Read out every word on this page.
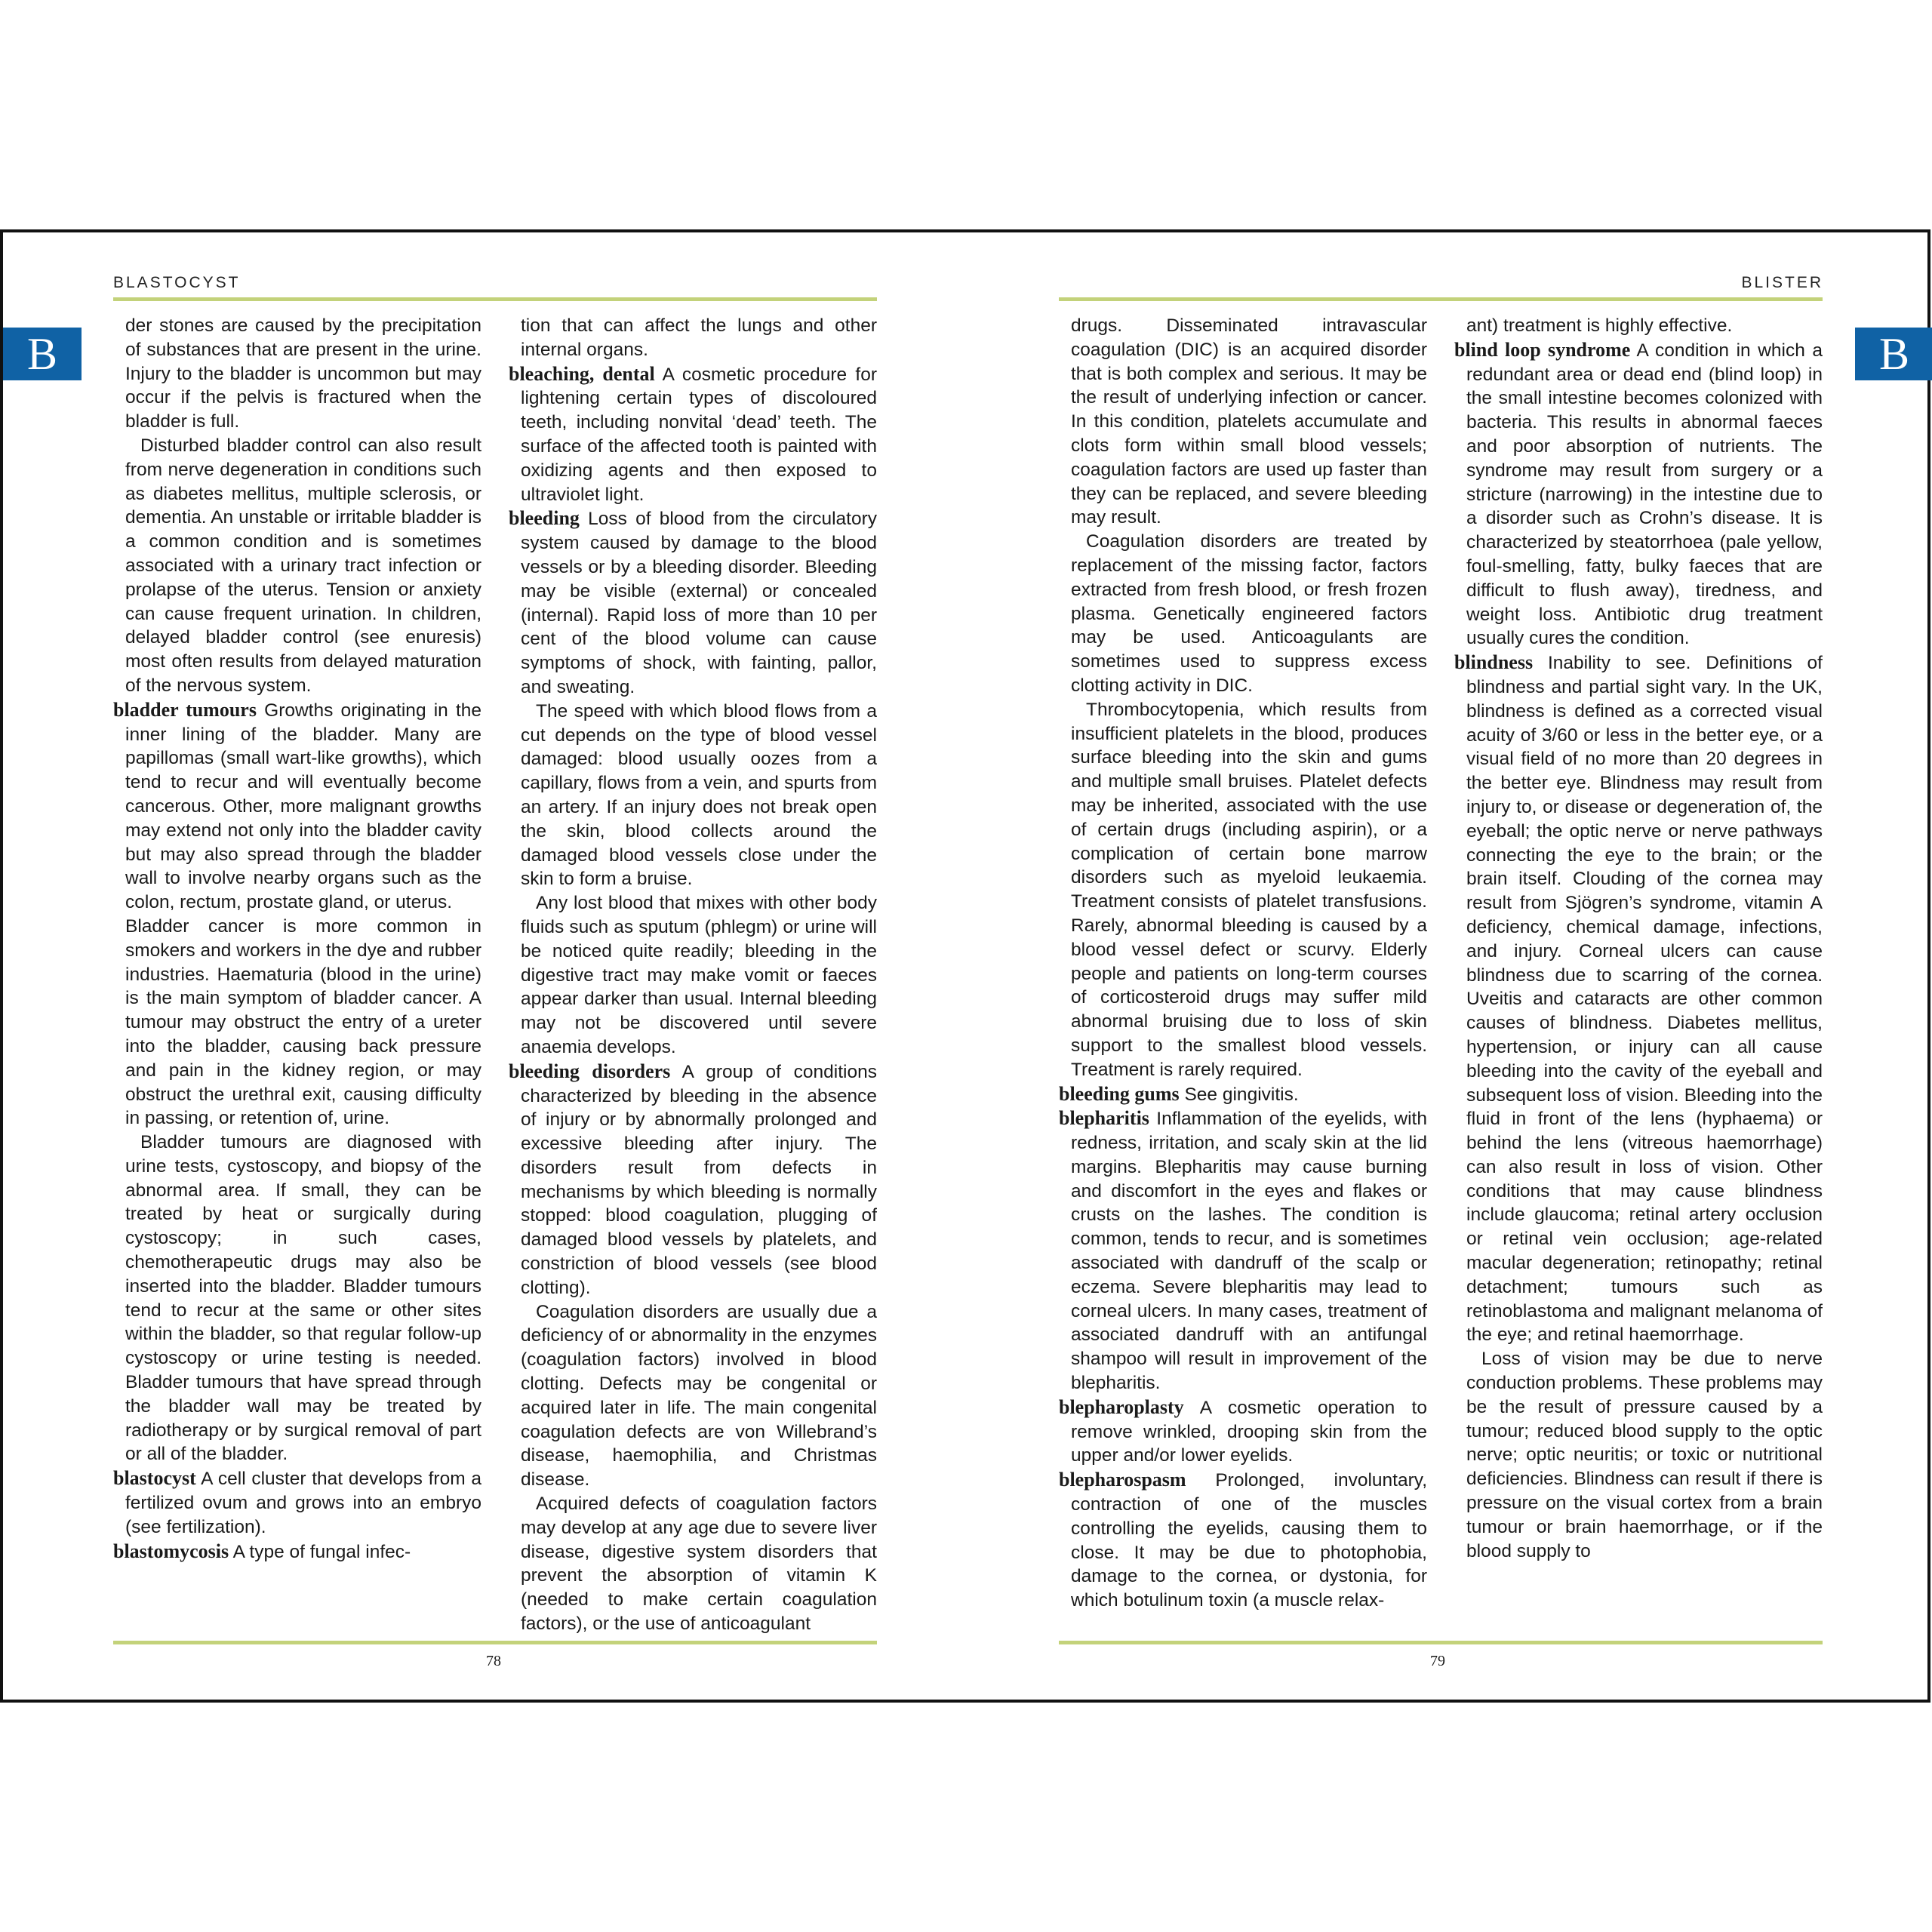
BLASTOCYST
B

der stones are caused by the precipitation of substances that are present in the urine. Injury to the bladder is uncommon but may occur if the pelvis is fractured when the bladder is full.

Disturbed bladder control can also result from nerve degeneration in conditions such as diabetes mellitus, multiple sclerosis, or dementia. An unstable or irritable bladder is a common condition and is sometimes associated with a urinary tract infection or prolapse of the uterus. Tension or anxiety can cause frequent urination. In children, delayed bladder control (see enuresis) most often results from delayed maturation of the nervous system.

bladder tumours Growths originating in the inner lining of the bladder. Many are papillomas (small wart-like growths), which tend to recur and will eventually become cancerous. Other, more malignant growths may extend not only into the bladder cavity but may also spread through the bladder wall to involve nearby organs such as the colon, rectum, prostate gland, or uterus.

Bladder cancer is more common in smokers and workers in the dye and rubber industries. Haematuria (blood in the urine) is the main symptom of bladder cancer. A tumour may obstruct the entry of a ureter into the bladder, causing back pressure and pain in the kidney region, or may obstruct the urethral exit, causing difficulty in passing, or retention of, urine.

Bladder tumours are diagnosed with urine tests, cystoscopy, and biopsy of the abnormal area. If small, they can be treated by heat or surgically during cystoscopy; in such cases, chemotherapeutic drugs may also be inserted into the bladder. Bladder tumours tend to recur at the same or other sites within the bladder, so that regular follow-up cystoscopy or urine testing is needed. Bladder tumours that have spread through the bladder wall may be treated by radiotherapy or by surgical removal of part or all of the bladder.

blastocyst A cell cluster that develops from a fertilized ovum and grows into an embryo (see fertilization).

blastomycosis A type of fungal infec-

tion that can affect the lungs and other internal organs.

bleaching, dental A cosmetic procedure for lightening certain types of discoloured teeth, including nonvital ‘dead’ teeth. The surface of the affected tooth is painted with oxidizing agents and then exposed to ultraviolet light.

bleeding Loss of blood from the circulatory system caused by damage to the blood vessels or by a bleeding disorder. Bleeding may be visible (external) or concealed (internal). Rapid loss of more than 10 per cent of the blood volume can cause symptoms of shock, with fainting, pallor, and sweating.

The speed with which blood flows from a cut depends on the type of blood vessel damaged: blood usually oozes from a capillary, flows from a vein, and spurts from an artery. If an injury does not break open the skin, blood collects around the damaged blood vessels close under the skin to form a bruise.

Any lost blood that mixes with other body fluids such as sputum (phlegm) or urine will be noticed quite readily; bleeding in the digestive tract may make vomit or faeces appear darker than usual. Internal bleeding may not be discovered until severe anaemia develops.

bleeding disorders A group of conditions characterized by bleeding in the absence of injury or by abnormally prolonged and excessive bleeding after injury. The disorders result from defects in mechanisms by which bleeding is normally stopped: blood coagulation, plugging of damaged blood vessels by platelets, and constriction of blood vessels (see blood clotting).

Coagulation disorders are usually due a deficiency of or abnormality in the enzymes (coagulation factors) involved in blood clotting. Defects may be congenital or acquired later in life. The main congenital coagulation defects are von Willebrand’s disease, haemophilia, and Christmas disease.

Acquired defects of coagulation factors may develop at any age due to severe liver disease, digestive system disorders that prevent the absorption of vitamin K (needed to make certain coagulation factors), or the use of anticoagulant

78
BLISTER
B

drugs. Disseminated intravascular coagulation (DIC) is an acquired disorder that is both complex and serious. It may be the result of underlying infection or cancer. In this condition, platelets accumulate and clots form within small blood vessels; coagulation factors are used up faster than they can be replaced, and severe bleeding may result.

Coagulation disorders are treated by replacement of the missing factor, factors extracted from fresh blood, or fresh frozen plasma. Genetically engineered factors may be used. Anticoagulants are sometimes used to suppress excess clotting activity in DIC.

Thrombocytopenia, which results from insufficient platelets in the blood, produces surface bleeding into the skin and gums and multiple small bruises. Platelet defects may be inherited, associated with the use of certain drugs (including aspirin), or a complication of certain bone marrow disorders such as myeloid leukaemia. Treatment consists of platelet transfusions. Rarely, abnormal bleeding is caused by a blood vessel defect or scurvy. Elderly people and patients on long-term courses of corticosteroid drugs may suffer mild abnormal bruising due to loss of skin support to the smallest blood vessels. Treatment is rarely required.

bleeding gums See gingivitis.

blepharitis Inflammation of the eyelids, with redness, irritation, and scaly skin at the lid margins. Blepharitis may cause burning and discomfort in the eyes and flakes or crusts on the lashes. The condition is common, tends to recur, and is sometimes associated with dandruff of the scalp or eczema. Severe blepharitis may lead to corneal ulcers. In many cases, treatment of associated dandruff with an antifungal shampoo will result in improvement of the blepharitis.

blepharoplasty A cosmetic operation to remove wrinkled, drooping skin from the upper and/or lower eyelids.

blepharospasm Prolonged, involuntary, contraction of one of the muscles controlling the eyelids, causing them to close. It may be due to photophobia, damage to the cornea, or dystonia, for which botulinum toxin (a muscle relax-

ant) treatment is highly effective.

blind loop syndrome A condition in which a redundant area or dead end (blind loop) in the small intestine becomes colonized with bacteria. This results in abnormal faeces and poor absorption of nutrients. The syndrome may result from surgery or a stricture (narrowing) in the intestine due to a disorder such as Crohn’s disease. It is characterized by steatorrhoea (pale yellow, foul-smelling, fatty, bulky faeces that are difficult to flush away), tiredness, and weight loss. Antibiotic drug treatment usually cures the condition.

blindness Inability to see. Definitions of blindness and partial sight vary. In the UK, blindness is defined as a corrected visual acuity of 3/60 or less in the better eye, or a visual field of no more than 20 degrees in the better eye. Blindness may result from injury to, or disease or degeneration of, the eyeball; the optic nerve or nerve pathways connecting the eye to the brain; or the brain itself. Clouding of the cornea may result from Sjögren’s syndrome, vitamin A deficiency, chemical damage, infections, and injury. Corneal ulcers can cause blindness due to scarring of the cornea. Uveitis and cataracts are other common causes of blindness. Diabetes mellitus, hypertension, or injury can all cause bleeding into the cavity of the eyeball and subsequent loss of vision. Bleeding into the fluid in front of the lens (hyphaema) or behind the lens (vitreous haemorrhage) can also result in loss of vision. Other conditions that may cause blindness include glaucoma; retinal artery occlusion or retinal vein occlusion; age-related macular degeneration; retinopathy; retinal detachment; tumours such as retinoblastoma and malignant melanoma of the eye; and retinal haemorrhage.

Loss of vision may be due to nerve conduction problems. These problems may be the result of pressure caused by a tumour; reduced blood supply to the optic nerve; optic neuritis; or toxic or nutritional deficiencies. Blindness can result if there is pressure on the visual cortex from a brain tumour or brain haemorrhage, or if the blood supply to

79
